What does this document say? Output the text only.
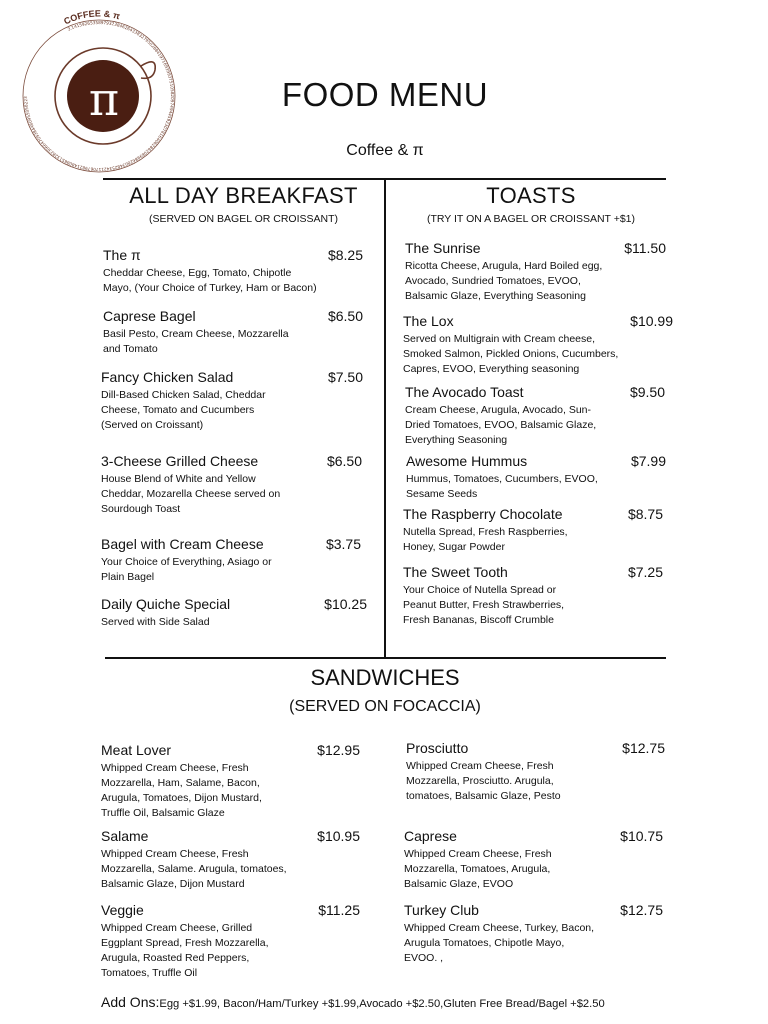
3.14159265358979323846264338327950288419716939937510582097494459230781640628620899862803482534211706798214808651328230664709384460955058223
COFFEE & π
π	FOOD MENU
Coffee & π
ALL DAY BREAKFAST
(SERVED ON BAGEL OR CROISSANT)
TOASTS
(TRY IT ON A BAGEL OR CROISSANT +$1)
The π	$8.25
Cheddar Cheese, Egg, Tomato, Chipotle
Mayo, (Your Choice of Turkey, Ham or Bacon)
Caprese Bagel	$6.50
Basil Pesto, Cream Cheese, Mozzarella
and Tomato
Fancy Chicken Salad	$7.50
Dill-Based Chicken Salad, Cheddar
Cheese, Tomato and Cucumbers
(Served on Croissant)
3-Cheese Grilled Cheese	$6.50
House Blend of White and Yellow
Cheddar, Mozarella Cheese served on
Sourdough Toast
Bagel with Cream Cheese	$3.75
Your Choice of Everything, Asiago or
Plain Bagel
Daily Quiche Special	$10.25
Served with Side Salad
The Sunrise	$11.50
Ricotta Cheese, Arugula, Hard Boiled egg,
Avocado, Sundried Tomatoes, EVOO,
Balsamic Glaze, Everything Seasoning
The Lox	$10.99
Served on Multigrain with Cream cheese,
Smoked Salmon, Pickled Onions, Cucumbers,
Capres, EVOO, Everything seasoning
The Avocado Toast	$9.50
Cream Cheese, Arugula, Avocado, Sun-
Dried Tomatoes, EVOO, Balsamic Glaze,
Everything Seasoning
Awesome Hummus	$7.99
Hummus, Tomatoes, Cucumbers, EVOO,
Sesame Seeds
The Raspberry Chocolate	$8.75
Nutella Spread, Fresh Raspberries,
Honey, Sugar Powder
The Sweet Tooth	$7.25
Your Choice of Nutella Spread or
Peanut Butter, Fresh Strawberries,
Fresh Bananas, Biscoff Crumble
SANDWICHES
(SERVED ON FOCACCIA)
Meat Lover	$12.95
Whipped Cream Cheese, Fresh
Mozzarella, Ham, Salame, Bacon,
Arugula, Tomatoes, Dijon Mustard,
Truffle Oil, Balsamic Glaze
Prosciutto	$12.75
Whipped Cream Cheese, Fresh
Mozzarella, Prosciutto. Arugula,
tomatoes, Balsamic Glaze, Pesto
Salame	$10.95
Whipped Cream Cheese, Fresh
Mozzarella, Salame. Arugula, tomatoes,
Balsamic Glaze, Dijon Mustard
Caprese	$10.75
Whipped Cream Cheese, Fresh
Mozzarella, Tomatoes, Arugula,
Balsamic Glaze, EVOO
Veggie	$11.25
Whipped Cream Cheese, Grilled
Eggplant Spread, Fresh Mozzarella,
Arugula, Roasted Red Peppers,
Tomatoes, Truffle Oil
Turkey Club	$12.75
Whipped Cream Cheese, Turkey, Bacon,
Arugula Tomatoes, Chipotle Mayo,
EVOO. ,
Add Ons:Egg +$1.99, Bacon/Ham/Turkey +$1.99,Avocado +$2.50,Gluten Free Bread/Bagel +$2.50
